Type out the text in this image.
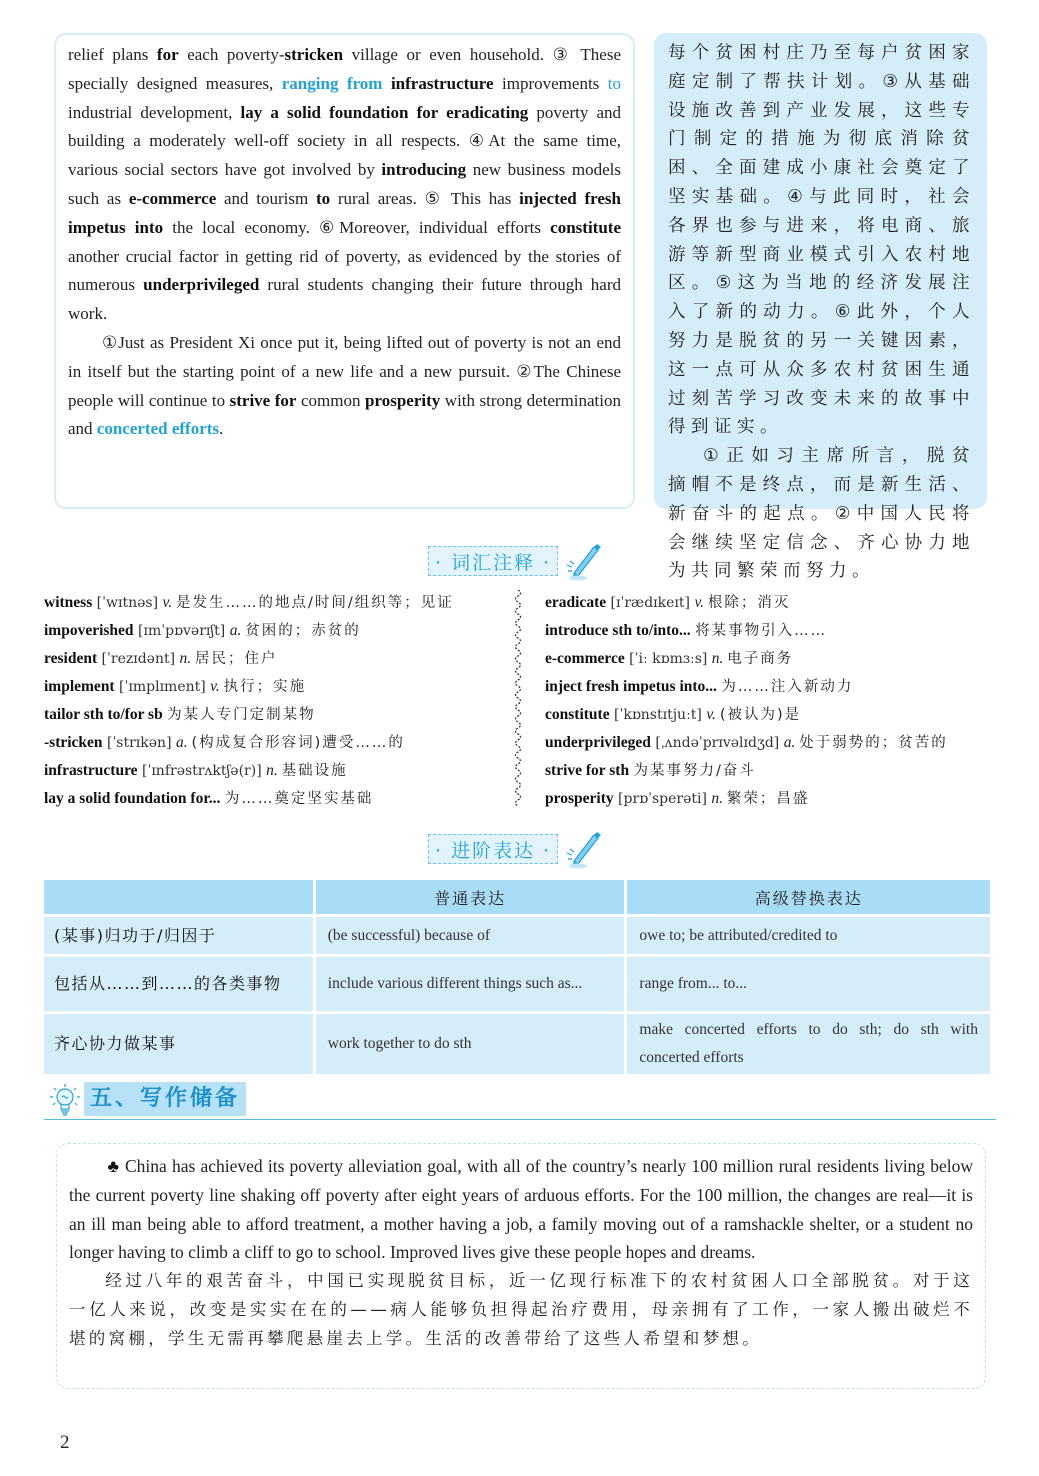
relief plans for each poverty-stricken village or even household. ③ These specially designed measures, ranging from infrastructure improvements to industrial development, lay a solid foundation for eradicating poverty and building a moderately well-off society in all respects. ④At the same time, various social sectors have got involved by introducing new business models such as e-commerce and tourism to rural areas. ⑤ This has injected fresh impetus into the local economy. ⑥Moreover, individual efforts constitute another crucial factor in getting rid of poverty, as evidenced by the stories of numerous underprivileged rural students changing their future through hard work.

①Just as President Xi once put it, being lifted out of poverty is not an end in itself but the starting point of a new life and a new pursuit. ②The Chinese people will continue to strive for common prosperity with strong determination and concerted efforts.

每个贫困村庄乃至每户贫困家庭定制了帮扶计划。③从基础设施改善到产业发展，这些专门制定的措施为彻底消除贫困、全面建成小康社会奠定了坚实基础。④与此同时，社会各界也参与进来，将电商、旅游等新型商业模式引入农村地区。⑤这为当地的经济发展注入了新的动力。⑥此外，个人努力是脱贫的另一关键因素，这一点可从众多农村贫困生通过刻苦学习改变未来的故事中得到证实。

①正如习主席所言，脱贫摘帽不是终点，而是新生活、新奋斗的起点。②中国人民将会继续坚定信念、齐心协力地为共同繁荣而努力。

· 词汇注释 ·
witness [ˈwɪtnəs] v. 是发生……的地点/时间/组织等；见证
impoverished [ɪmˈpɒvərɪʃt] a. 贫困的；赤贫的
resident [ˈrezɪdənt] n. 居民；住户
implement [ˈɪmplɪment] v. 执行；实施
tailor sth to/for sb 为某人专门定制某物
-stricken [ˈstrɪkən] a. (构成复合形容词)遭受……的
infrastructure [ˈɪnfrəstrʌktʃə(r)] n. 基础设施
lay a solid foundation for... 为……奠定坚实基础
eradicate [ɪˈrædɪkeɪt] v. 根除；消灭
introduce sth to/into... 将某事物引入……
e-commerce [ˈiː kɒmɜːs] n. 电子商务
inject fresh impetus into... 为……注入新动力
constitute [ˈkɒnstɪtjuːt] v. (被认为)是
underprivileged [ˌʌndəˈprɪvəlɪdʒd] a. 处于弱势的；贫苦的
strive for sth 为某事努力/奋斗
prosperity [prɒˈsperəti] n. 繁荣；昌盛
· 进阶表达 ·
	普通表达	高级替换表达
(某事)归功于/归因于	(be successful) because of	owe to; be attributed/credited to
包括从……到……的各类事物	include various different things such as...	range from... to...
齐心协力做某事	work together to do sth	make concerted efforts to do sth; do sth with concerted efforts
五、写作储备

♣ China has achieved its poverty alleviation goal, with all of the country’s nearly 100 million rural residents living below the current poverty line shaking off poverty after eight years of arduous efforts. For the 100 million, the changes are real—it is an ill man being able to afford treatment, a mother having a job, a family moving out of a ramshackle shelter, or a student no longer having to climb a cliff to go to school. Improved lives give these people hopes and dreams.

经过八年的艰苦奋斗，中国已实现脱贫目标，近一亿现行标准下的农村贫困人口全部脱贫。对于这一亿人来说，改变是实实在在的——病人能够负担得起治疗费用，母亲拥有了工作，一家人搬出破烂不堪的窝棚，学生无需再攀爬悬崖去上学。生活的改善带给了这些人希望和梦想。

2
